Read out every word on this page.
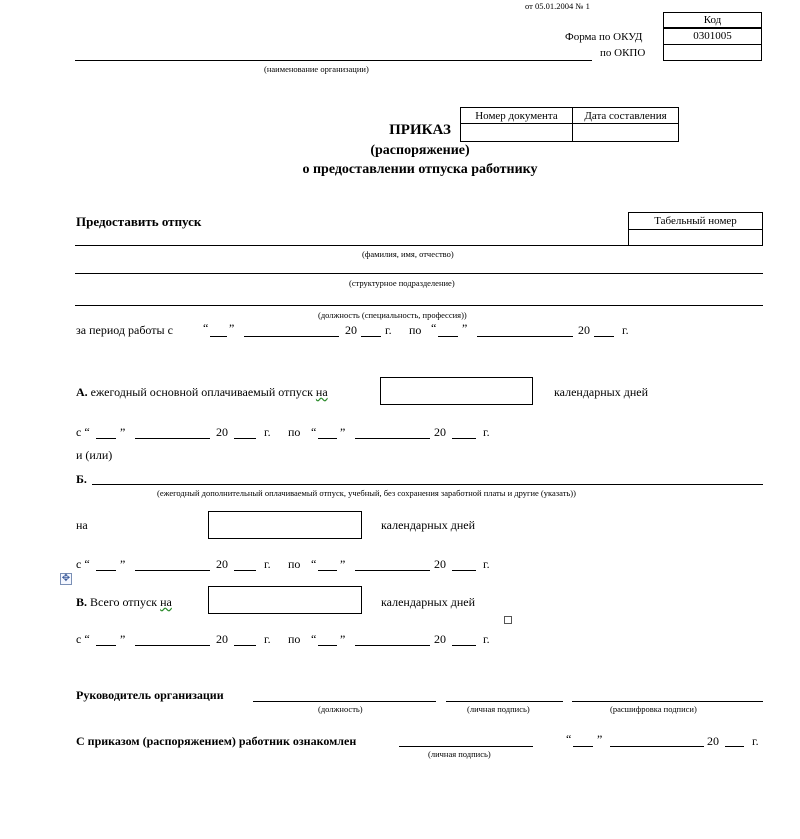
от 05.01.2004 № 1
Код
Форма по ОКУД	0301005
по ОКПО
(наименование организации)
Номер документа	Дата составления

ПРИКАЗ
(распоряжение)
о предоставлении отпуска работнику
Предоставить отпуск	Табельный номер
(фамилия, имя, отчество)
(структурное подразделение)
(должность (специальность, профессия))
за период работы с	“ ”	20 г. по “ ”	20	г.
А. ежегодный основной оплачиваемый отпуск на	календарных дней
с “	”	20	г. по “ ”	20	г.
и (или)
Б.
(ежегодный дополнительный оплачиваемый отпуск, учебный, без сохранения заработной платы и другие (указать))
на	календарных дней
с “	”	20	г. по “ ”	20	г.
✥
В. Всего отпуск на	календарных дней
с “	”	20	г. по “ ”	20	г.
Руководитель организации
(должность)	(личная подпись)	(расшифровка подписи)
С приказом (распоряжением) работник ознакомлен
(личная подпись)
“ ”	20	г.
